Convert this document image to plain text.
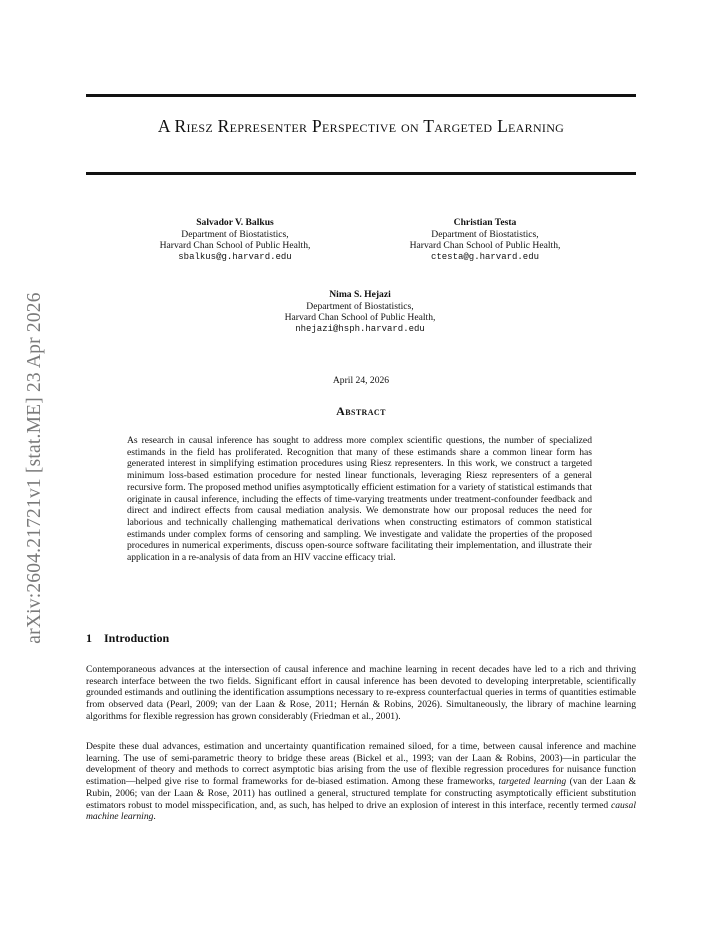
arXiv:2604.21721v1 [stat.ME] 23 Apr 2026
A Riesz Representer Perspective on Targeted Learning
Salvador V. Balkus
Department of Biostatistics,
Harvard Chan School of Public Health,
sbalkus@g.harvard.edu
Christian Testa
Department of Biostatistics,
Harvard Chan School of Public Health,
ctesta@g.harvard.edu
Nima S. Hejazi
Department of Biostatistics,
Harvard Chan School of Public Health,
nhejazi@hsph.harvard.edu
April 24, 2026
Abstract

As research in causal inference has sought to address more complex scientific questions, the number of specialized estimands in the field has proliferated. Recognition that many of these estimands share a common linear form has generated interest in simplifying estimation procedures using Riesz representers. In this work, we construct a targeted minimum loss-based estimation procedure for nested linear functionals, leveraging Riesz representers of a general recursive form. The proposed method unifies asymptotically efficient estimation for a variety of statistical estimands that originate in causal inference, including the effects of time-varying treatments under treatment-confounder feedback and direct and indirect effects from causal mediation analysis. We demonstrate how our proposal reduces the need for laborious and technically challenging mathematical derivations when constructing estimators of common statistical estimands under complex forms of censoring and sampling. We investigate and validate the properties of the proposed procedures in numerical experiments, discuss open-source software facilitating their implementation, and illustrate their application in a re-analysis of data from an HIV vaccine efficacy trial.

1 Introduction

Contemporaneous advances at the intersection of causal inference and machine learning in recent decades have led to a rich and thriving research interface between the two fields. Significant effort in causal inference has been devoted to developing interpretable, scientifically grounded estimands and outlining the identification assumptions necessary to re-express counterfactual queries in terms of quantities estimable from observed data (Pearl, 2009; van der Laan & Rose, 2011; Hernán & Robins, 2026). Simultaneously, the library of machine learning algorithms for flexible regression has grown considerably (Friedman et al., 2001).

Despite these dual advances, estimation and uncertainty quantification remained siloed, for a time, between causal inference and machine learning. The use of semi-parametric theory to bridge these areas (Bickel et al., 1993; van der Laan & Robins, 2003)—in particular the development of theory and methods to correct asymptotic bias arising from the use of flexible regression procedures for nuisance function estimation—helped give rise to formal frameworks for de-biased estimation. Among these frameworks, targeted learning (van der Laan & Rubin, 2006; van der Laan & Rose, 2011) has outlined a general, structured template for constructing asymptotically efficient substitution estimators robust to model misspecification, and, as such, has helped to drive an explosion of interest in this interface, recently termed causal machine learning.
